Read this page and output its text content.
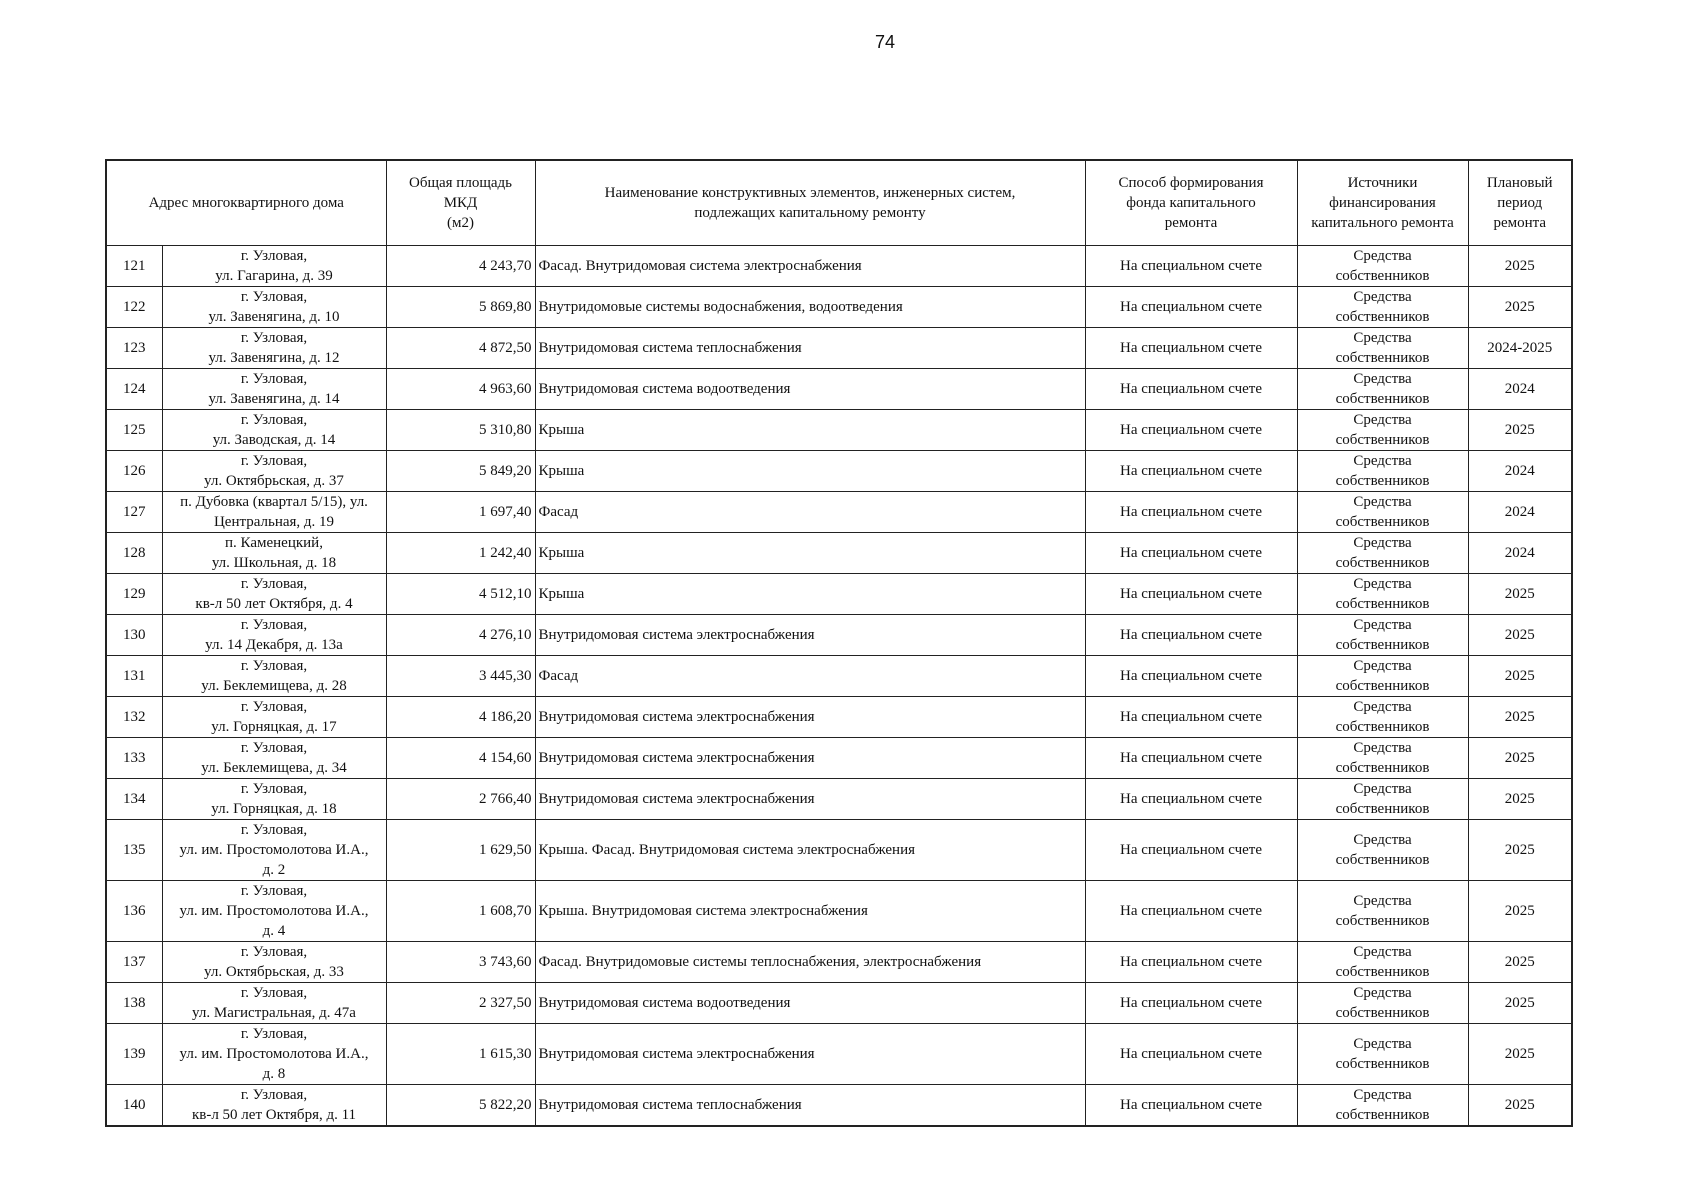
74
Адрес многоквартирного дома		Общая площадь
МКД
(м2)	Наименование конструктивных элементов, инженерных систем,
подлежащих капитальному ремонту	Способ формирования
фонда капитального
ремонта	Источники
финансирования
капитального ремонта	Плановый
период
ремонта

121	г. Узловая,
ул. Гагарина, д. 39	4 243,70	Фасад. Внутридомовая система электроснабжения	На специальном счете	Средства
собственников	2025
122	г. Узловая,
ул. Завенягина, д. 10	5 869,80	Внутридомовые системы водоснабжения, водоотведения	На специальном счете	Средства
собственников	2025
123	г. Узловая,
ул. Завенягина, д. 12	4 872,50	Внутридомовая система теплоснабжения	На специальном счете	Средства
собственников	2024-2025
124	г. Узловая,
ул. Завенягина, д. 14	4 963,60	Внутридомовая система водоотведения	На специальном счете	Средства
собственников	2024
125	г. Узловая,
ул. Заводская, д. 14	5 310,80	Крыша	На специальном счете	Средства
собственников	2025
126	г. Узловая,
ул. Октябрьская, д. 37	5 849,20	Крыша	На специальном счете	Средства
собственников	2024
127	п. Дубовка (квартал 5/15), ул.
Центральная, д. 19	1 697,40	Фасад	На специальном счете	Средства
собственников	2024
128	п. Каменецкий,
ул. Школьная, д. 18	1 242,40	Крыша	На специальном счете	Средства
собственников	2024
129	г. Узловая,
кв-л 50 лет Октября, д. 4	4 512,10	Крыша	На специальном счете	Средства
собственников	2025
130	г. Узловая,
ул. 14 Декабря, д. 13а	4 276,10	Внутридомовая система электроснабжения	На специальном счете	Средства
собственников	2025
131	г. Узловая,
ул. Беклемищева, д. 28	3 445,30	Фасад	На специальном счете	Средства
собственников	2025
132	г. Узловая,
ул. Горняцкая, д. 17	4 186,20	Внутридомовая система электроснабжения	На специальном счете	Средства
собственников	2025
133	г. Узловая,
ул. Беклемищева, д. 34	4 154,60	Внутридомовая система электроснабжения	На специальном счете	Средства
собственников	2025
134	г. Узловая,
ул. Горняцкая, д. 18	2 766,40	Внутридомовая система электроснабжения	На специальном счете	Средства
собственников	2025
135	г. Узловая,
ул. им. Простомолотова И.А.,
д. 2	1 629,50	Крыша. Фасад. Внутридомовая система электроснабжения	На специальном счете	Средства
собственников	2025
136	г. Узловая,
ул. им. Простомолотова И.А.,
д. 4	1 608,70	Крыша. Внутридомовая система электроснабжения	На специальном счете	Средства
собственников	2025
137	г. Узловая,
ул. Октябрьская, д. 33	3 743,60	Фасад. Внутридомовые системы теплоснабжения, электроснабжения	На специальном счете	Средства
собственников	2025
138	г. Узловая,
ул. Магистральная, д. 47а	2 327,50	Внутридомовая система водоотведения	На специальном счете	Средства
собственников	2025
139	г. Узловая,
ул. им. Простомолотова И.А.,
д. 8	1 615,30	Внутридомовая система электроснабжения	На специальном счете	Средства
собственников	2025
140	г. Узловая,
кв-л 50 лет Октября, д. 11	5 822,20	Внутридомовая система теплоснабжения	На специальном счете	Средства
собственников	2025
